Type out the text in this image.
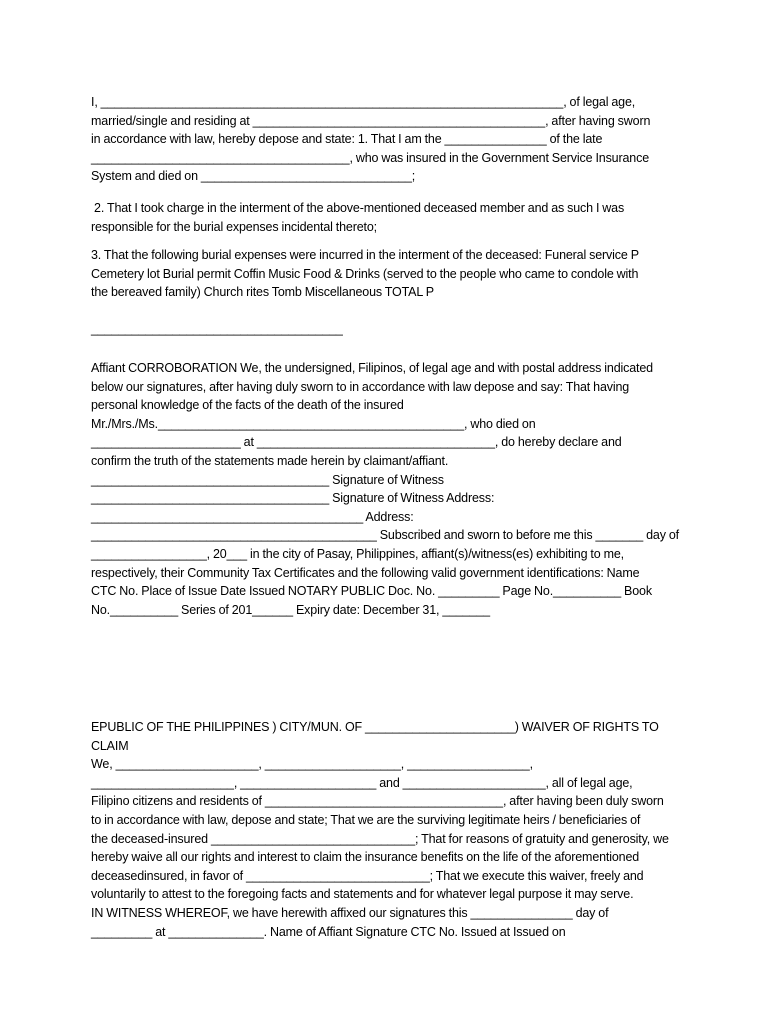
I, ____________________________________________________________________, of legal age,

married/single and residing at ___________________________________________, after having sworn

in accordance with law, hereby depose and state: 1. That I am the _______________ of the late

______________________________________, who was insured in the Government Service Insurance

System and died on _______________________________;

2. That I took charge in the interment of the above-mentioned deceased member and as such I was

responsible for the burial expenses incidental thereto;

3. That the following burial expenses were incurred in the interment of the deceased: Funeral service P

Cemetery lot Burial permit Coffin Music Food & Drinks (served to the people who came to condole with

the bereaved family) Church rites Tomb Miscellaneous TOTAL P

_____________________________________

Affiant CORROBORATION We, the undersigned, Filipinos, of legal age and with postal address indicated

below our signatures, after having duly sworn to in accordance with law depose and say: That having

personal knowledge of the facts of the death of the insured

Mr./Mrs./Ms._____________________________________________, who died on

______________________ at ___________________________________, do hereby declare and

confirm the truth of the statements made herein by claimant/affiant.

___________________________________ Signature of Witness

___________________________________ Signature of Witness Address:

________________________________________ Address:

__________________________________________ Subscribed and sworn to before me this _______ day of

_________________, 20___ in the city of Pasay, Philippines, affiant(s)/witness(es) exhibiting to me,

respectively, their Community Tax Certificates and the following valid government identifications: Name

CTC No. Place of Issue Date Issued NOTARY PUBLIC Doc. No. _________ Page No.__________ Book

No.__________ Series of 201______ Expiry date: December 31, _______

EPUBLIC OF THE PHILIPPINES ) CITY/MUN. OF ______________________) WAIVER OF RIGHTS TO CLAIM

We, _____________________, ____________________, __________________,

_____________________, ____________________ and _____________________, all of legal age,

Filipino citizens and residents of ___________________________________, after having been duly sworn

to in accordance with law, depose and state; That we are the surviving legitimate heirs / beneficiaries of

the deceased-insured ______________________________; That for reasons of gratuity and generosity, we

hereby waive all our rights and interest to claim the insurance benefits on the life of the aforementioned

deceasedinsured, in favor of ___________________________; That we execute this waiver, freely and

voluntarily to attest to the foregoing facts and statements and for whatever legal purpose it may serve.

IN WITNESS WHEREOF, we have herewith affixed our signatures this _______________ day of

_________ at ______________. Name of Affiant Signature CTC No. Issued at Issued on
